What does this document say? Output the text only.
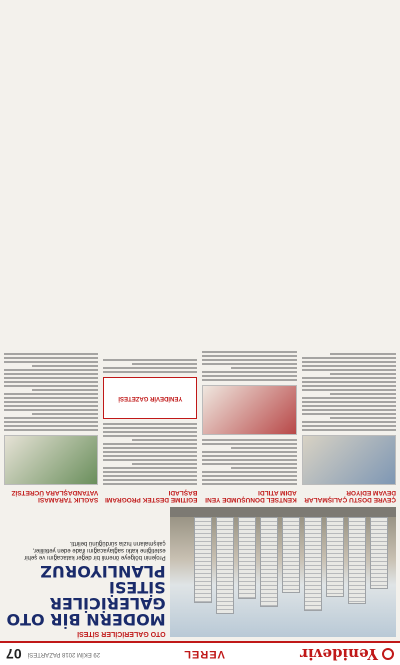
Yenidevir
VEREL
29 EKİM 2018 PAZARTESİ
07
OTO GALERİCİLER SİTESİ
MODERN BİR OTO GALERİCİLER SİTESİ PLANLIYORUZ
Projenin bölgeye önemli bir değer katacağını ve şehir estetiğine katkı sağlayacağını ifade eden yetkililer, çalışmaların hızla sürdüğünü belirtti.
ÇEVRE DOSTU ÇALIŞMALAR DEVAM EDİYOR
KENTSEL DÖNÜŞÜMDE YENİ ADIM ATILDI
EĞİTİME DESTEK PROGRAMI BAŞLADI
YENİDEVİR GAZETESİ
SAĞLIK TARAMASI VATANDAŞLARA ÜCRETSİZ
